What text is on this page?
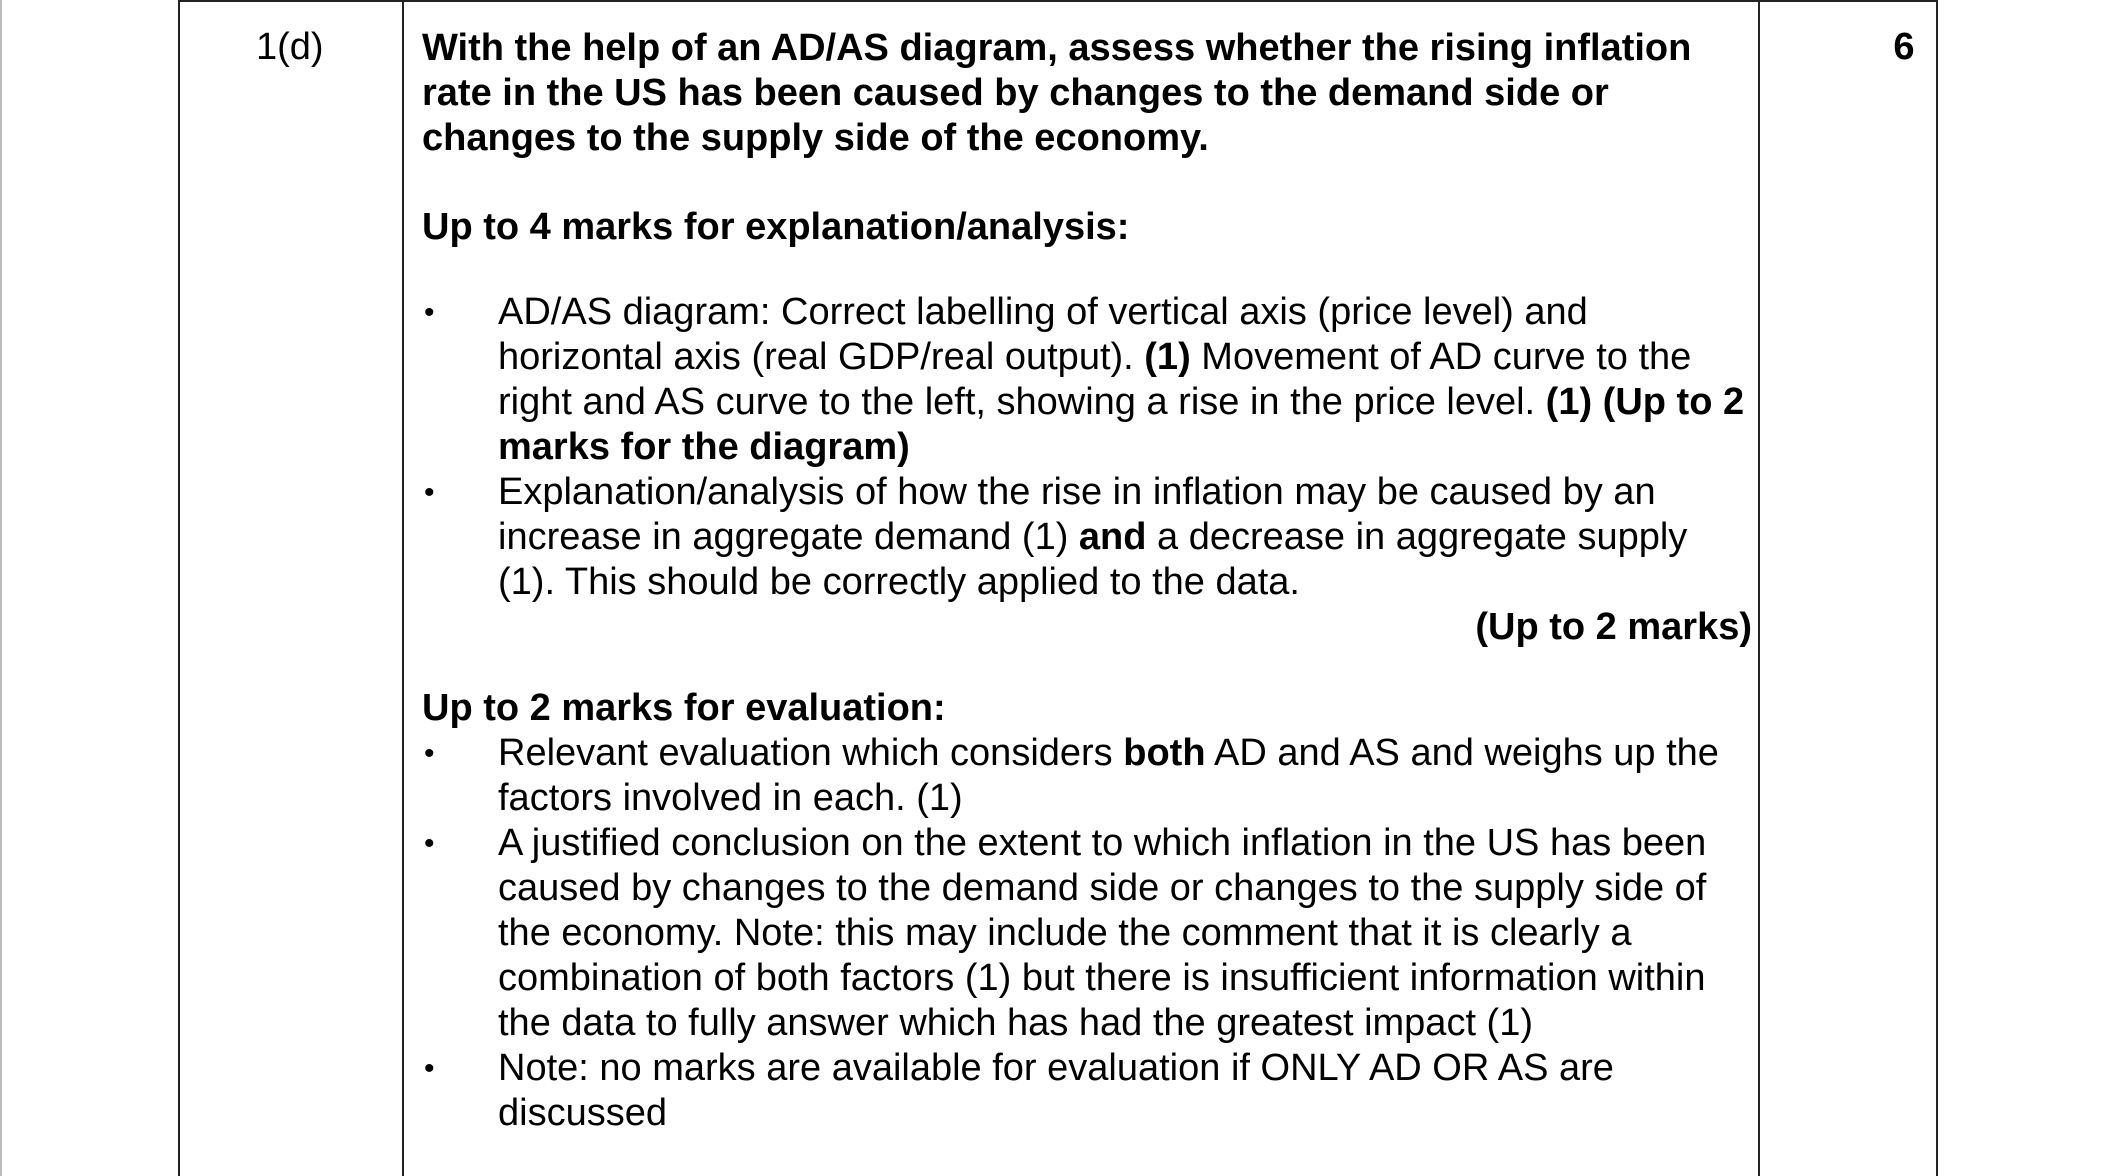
1(d)	6

With the help of an AD/AS diagram, assess whether the rising inflation rate in the US has been caused by changes to the demand side or changes to the supply side of the economy.

Up to 4 marks for explanation/analysis:

• AD/AS diagram: Correct labelling of vertical axis (price level) and horizontal axis (real GDP/real output). (1) Movement of AD curve to the right and AS curve to the left, showing a rise in the price level. (1) (Up to 2 marks for the diagram)
• Explanation/analysis of how the rise in inflation may be caused by an increase in aggregate demand (1) and a decrease in aggregate supply (1). This should be correctly applied to the data.

(Up to 2 marks)

Up to 2 marks for evaluation:

• Relevant evaluation which considers both AD and AS and weighs up the factors involved in each. (1)
• A justified conclusion on the extent to which inflation in the US has been caused by changes to the demand side or changes to the supply side of the economy. Note: this may include the comment that it is clearly a combination of both factors (1) but there is insufficient information within the data to fully answer which has had the greatest impact (1)
• Note: no marks are available for evaluation if ONLY AD OR AS are discussed
